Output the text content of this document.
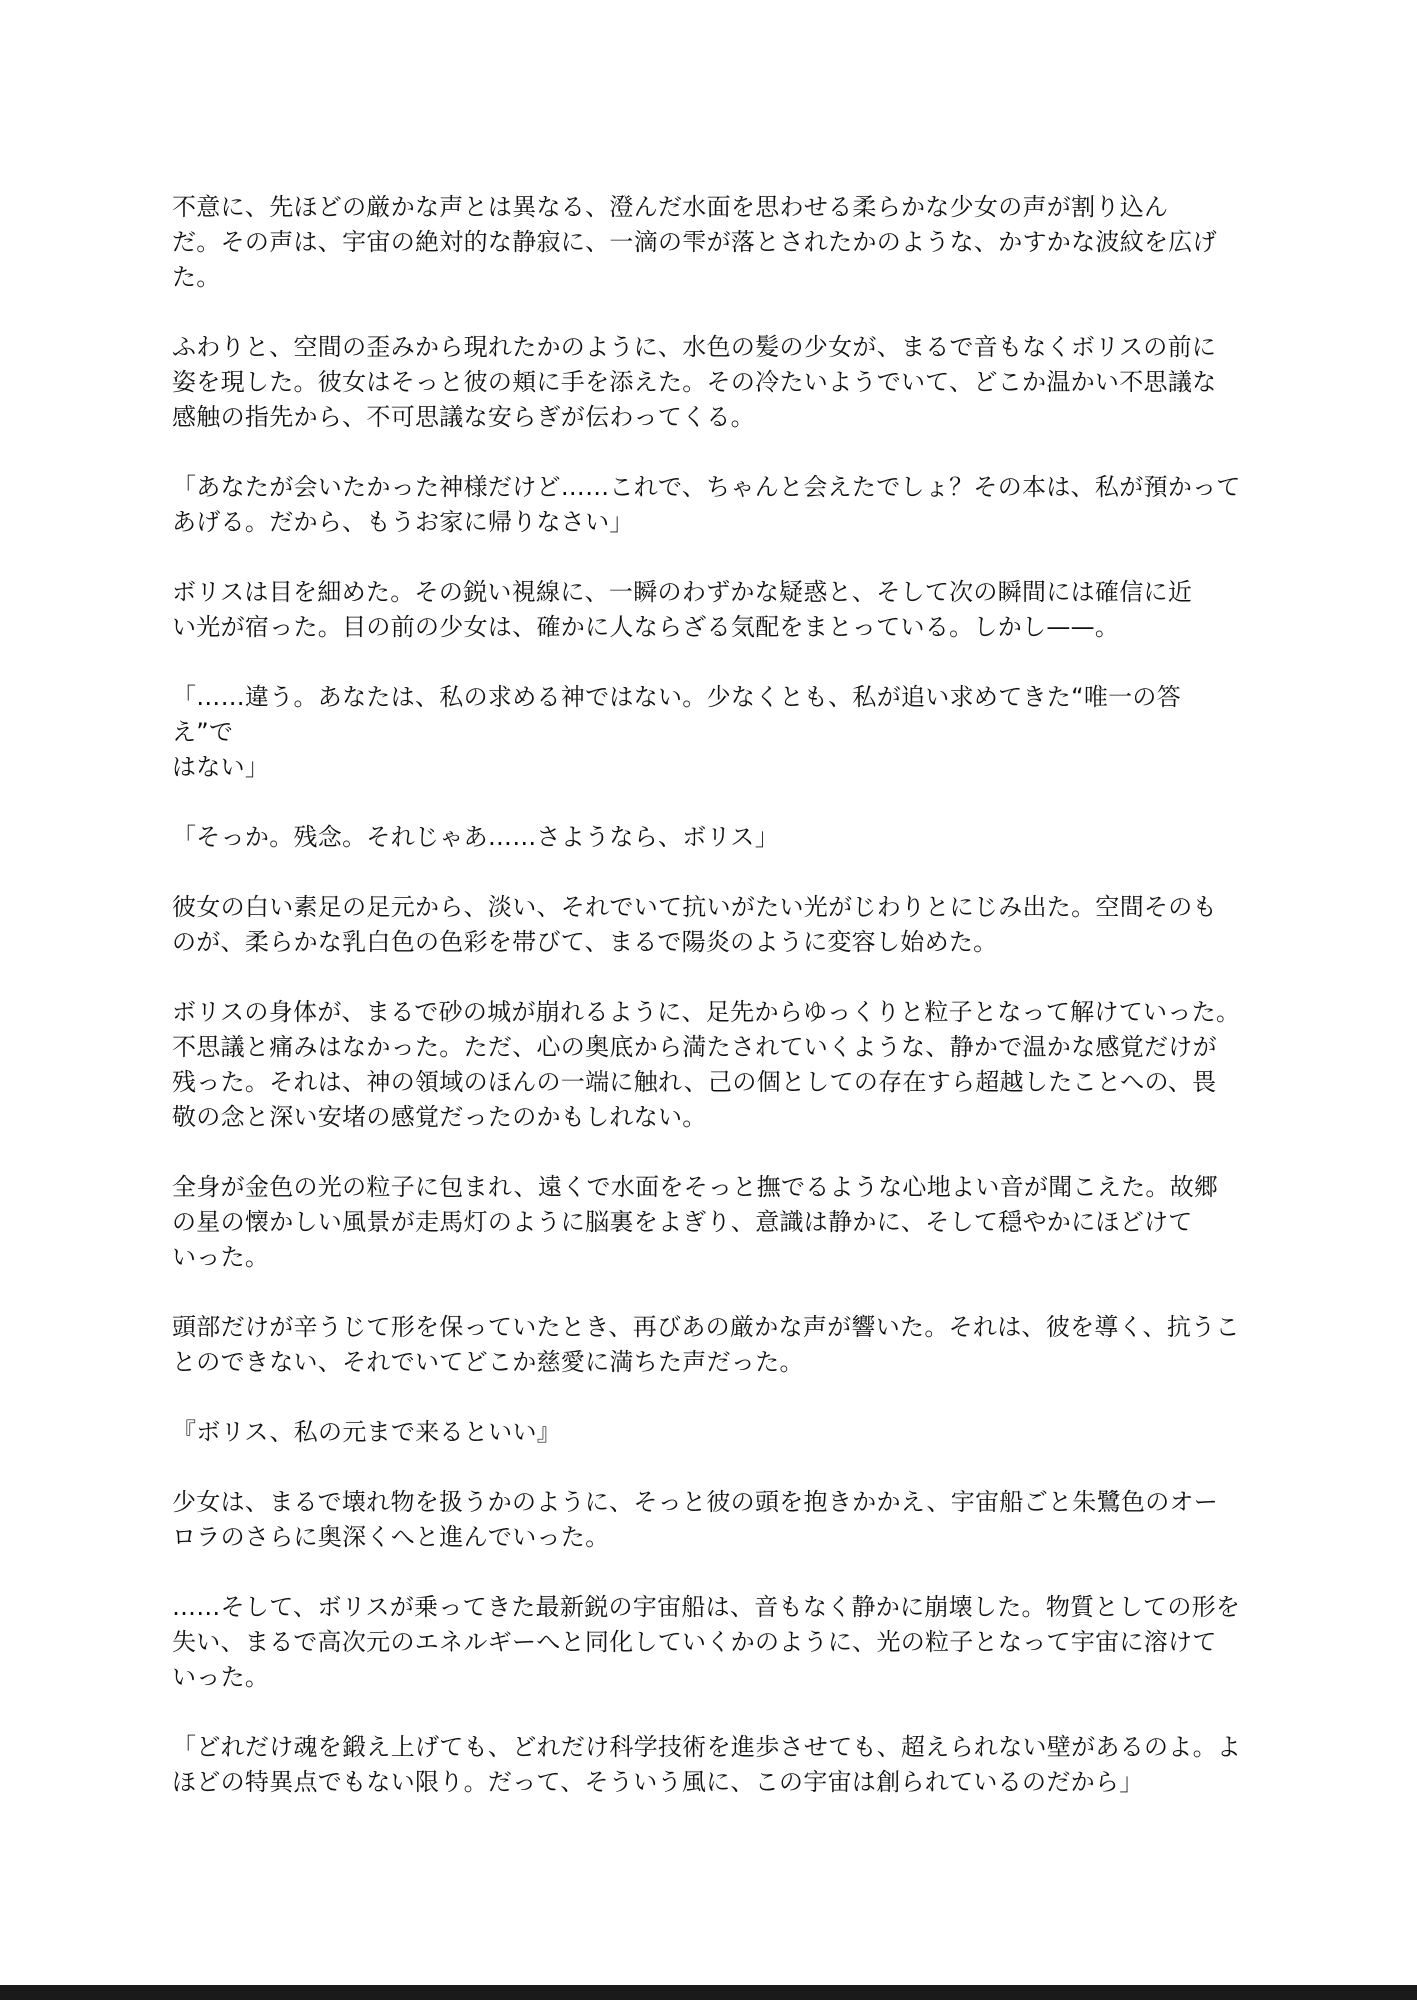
不意に、先ほどの厳かな声とは異なる、澄んだ水面を思わせる柔らかな少女の声が割り込ん
だ。その声は、宇宙の絶対的な静寂に、一滴の雫が落とされたかのような、かすかな波紋を広げ
た。

ふわりと、空間の歪みから現れたかのように、水色の髪の少女が、まるで音もなくボリスの前に
姿を現した。彼女はそっと彼の頬に手を添えた。その冷たいようでいて、どこか温かい不思議な
感触の指先から、不可思議な安らぎが伝わってくる。

「あなたが会いたかった神様だけど……これで、ちゃんと会えたでしょ？その本は、私が預かって
あげる。だから、もうお家に帰りなさい」

ボリスは目を細めた。その鋭い視線に、一瞬のわずかな疑惑と、そして次の瞬間には確信に近
い光が宿った。目の前の少女は、確かに人ならざる気配をまとっている。しかし——。

「……違う。あなたは、私の求める神ではない。少なくとも、私が追い求めてきた“唯一の答え”で
はない」

「そっか。残念。それじゃあ……さようなら、ボリス」

彼女の白い素足の足元から、淡い、それでいて抗いがたい光がじわりとにじみ出た。空間そのも
のが、柔らかな乳白色の色彩を帯びて、まるで陽炎のように変容し始めた。

ボリスの身体が、まるで砂の城が崩れるように、足先からゆっくりと粒子となって解けていった。
不思議と痛みはなかった。ただ、心の奥底から満たされていくような、静かで温かな感覚だけが
残った。それは、神の領域のほんの一端に触れ、己の個としての存在すら超越したことへの、畏
敬の念と深い安堵の感覚だったのかもしれない。

全身が金色の光の粒子に包まれ、遠くで水面をそっと撫でるような心地よい音が聞こえた。故郷
の星の懐かしい風景が走馬灯のように脳裏をよぎり、意識は静かに、そして穏やかにほどけて
いった。

頭部だけが辛うじて形を保っていたとき、再びあの厳かな声が響いた。それは、彼を導く、抗うこ
とのできない、それでいてどこか慈愛に満ちた声だった。

『ボリス、私の元まで来るといい』

少女は、まるで壊れ物を扱うかのように、そっと彼の頭を抱きかかえ、宇宙船ごと朱鷺色のオー
ロラのさらに奥深くへと進んでいった。

……そして、ボリスが乗ってきた最新鋭の宇宙船は、音もなく静かに崩壊した。物質としての形を
失い、まるで高次元のエネルギーへと同化していくかのように、光の粒子となって宇宙に溶けて
いった。

「どれだけ魂を鍛え上げても、どれだけ科学技術を進歩させても、超えられない壁があるのよ。よ
ほどの特異点でもない限り。だって、そういう風に、この宇宙は創られているのだから」
